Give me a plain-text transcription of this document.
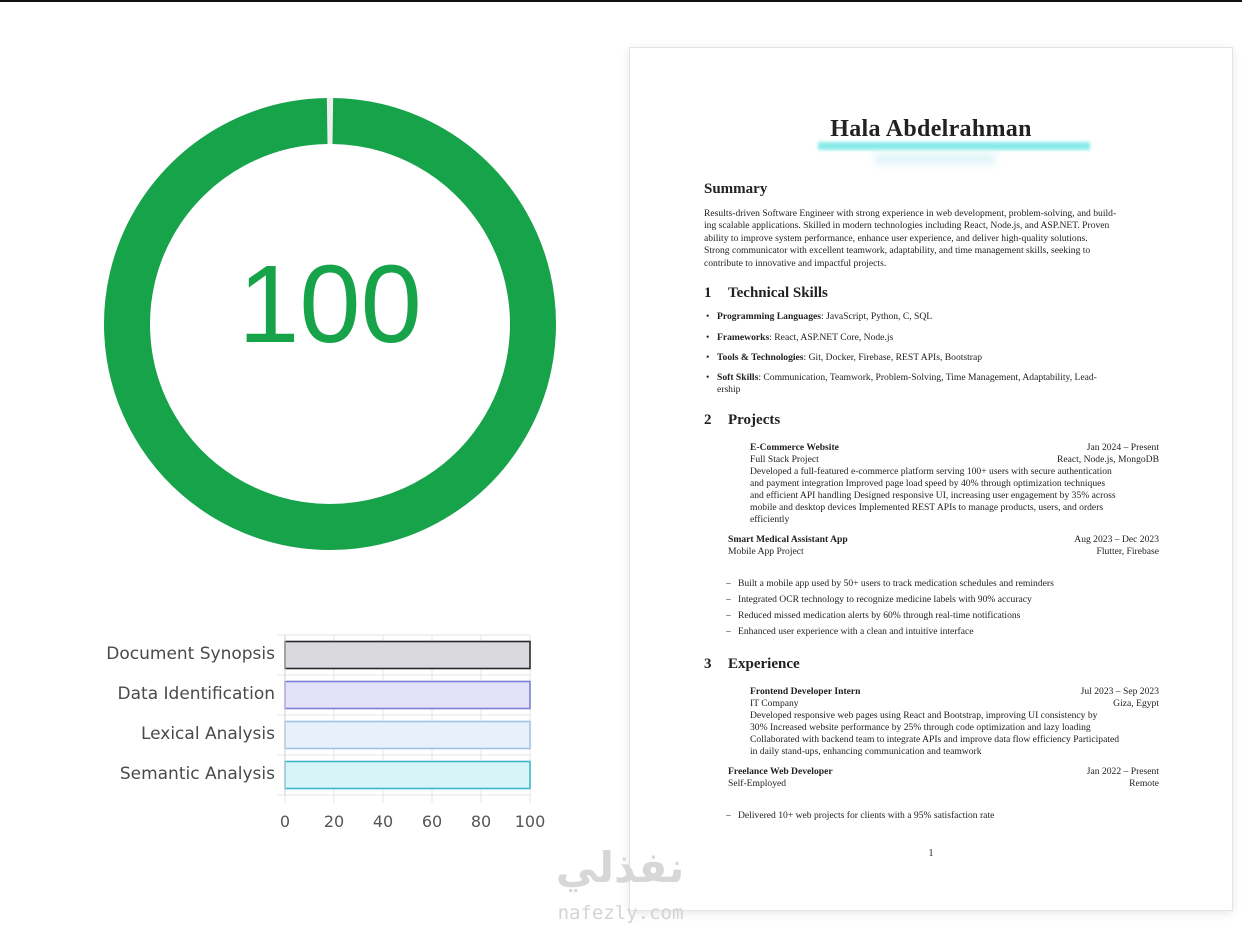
100
Document Synopsis
Data Identification
Lexical Analysis
Semantic Analysis
0	20	40	60	80	100
Hala Abdelrahman
Summary
Results-driven Software Engineer with strong experience in web development, problem-solving, and build-
ing scalable applications. Skilled in modern technologies including React, Node.js, and ASP.NET. Proven
ability to improve system performance, enhance user experience, and deliver high-quality solutions.
Strong communicator with excellent teamwork, adaptability, and time management skills, seeking to
contribute to innovative and impactful projects.
1 Technical Skills
• Programming Languages: JavaScript, Python, C, SQL
• Frameworks: React, ASP.NET Core, Node.js
• Tools & Technologies: Git, Docker, Firebase, REST APIs, Bootstrap
• Soft Skills: Communication, Teamwork, Problem-Solving, Time Management, Adaptability, Lead-
ership
2 Projects
E-Commerce Website	Jan 2024 – Present
Full Stack Project	React, Node.js, MongoDB
Developed a full-featured e-commerce platform serving 100+ users with secure authentication
and payment integration Improved page load speed by 40% through optimization techniques
and efficient API handling Designed responsive UI, increasing user engagement by 35% across
mobile and desktop devices Implemented REST APIs to manage products, users, and orders
efficiently
Smart Medical Assistant App	Aug 2023 – Dec 2023
Mobile App Project	Flutter, Firebase
– Built a mobile app used by 50+ users to track medication schedules and reminders
– Integrated OCR technology to recognize medicine labels with 90% accuracy
– Reduced missed medication alerts by 60% through real-time notifications
– Enhanced user experience with a clean and intuitive interface
3 Experience
Frontend Developer Intern	Jul 2023 – Sep 2023
IT Company	Giza, Egypt
Developed responsive web pages using React and Bootstrap, improving UI consistency by
30% Increased website performance by 25% through code optimization and lazy loading
Collaborated with backend team to integrate APIs and improve data flow efficiency Participated
in daily stand-ups, enhancing communication and teamwork
Freelance Web Developer	Jan 2022 – Present
Self-Employed	Remote
– Delivered 10+ web projects for clients with a 95% satisfaction rate
1
نفذلي
nafezly.com
